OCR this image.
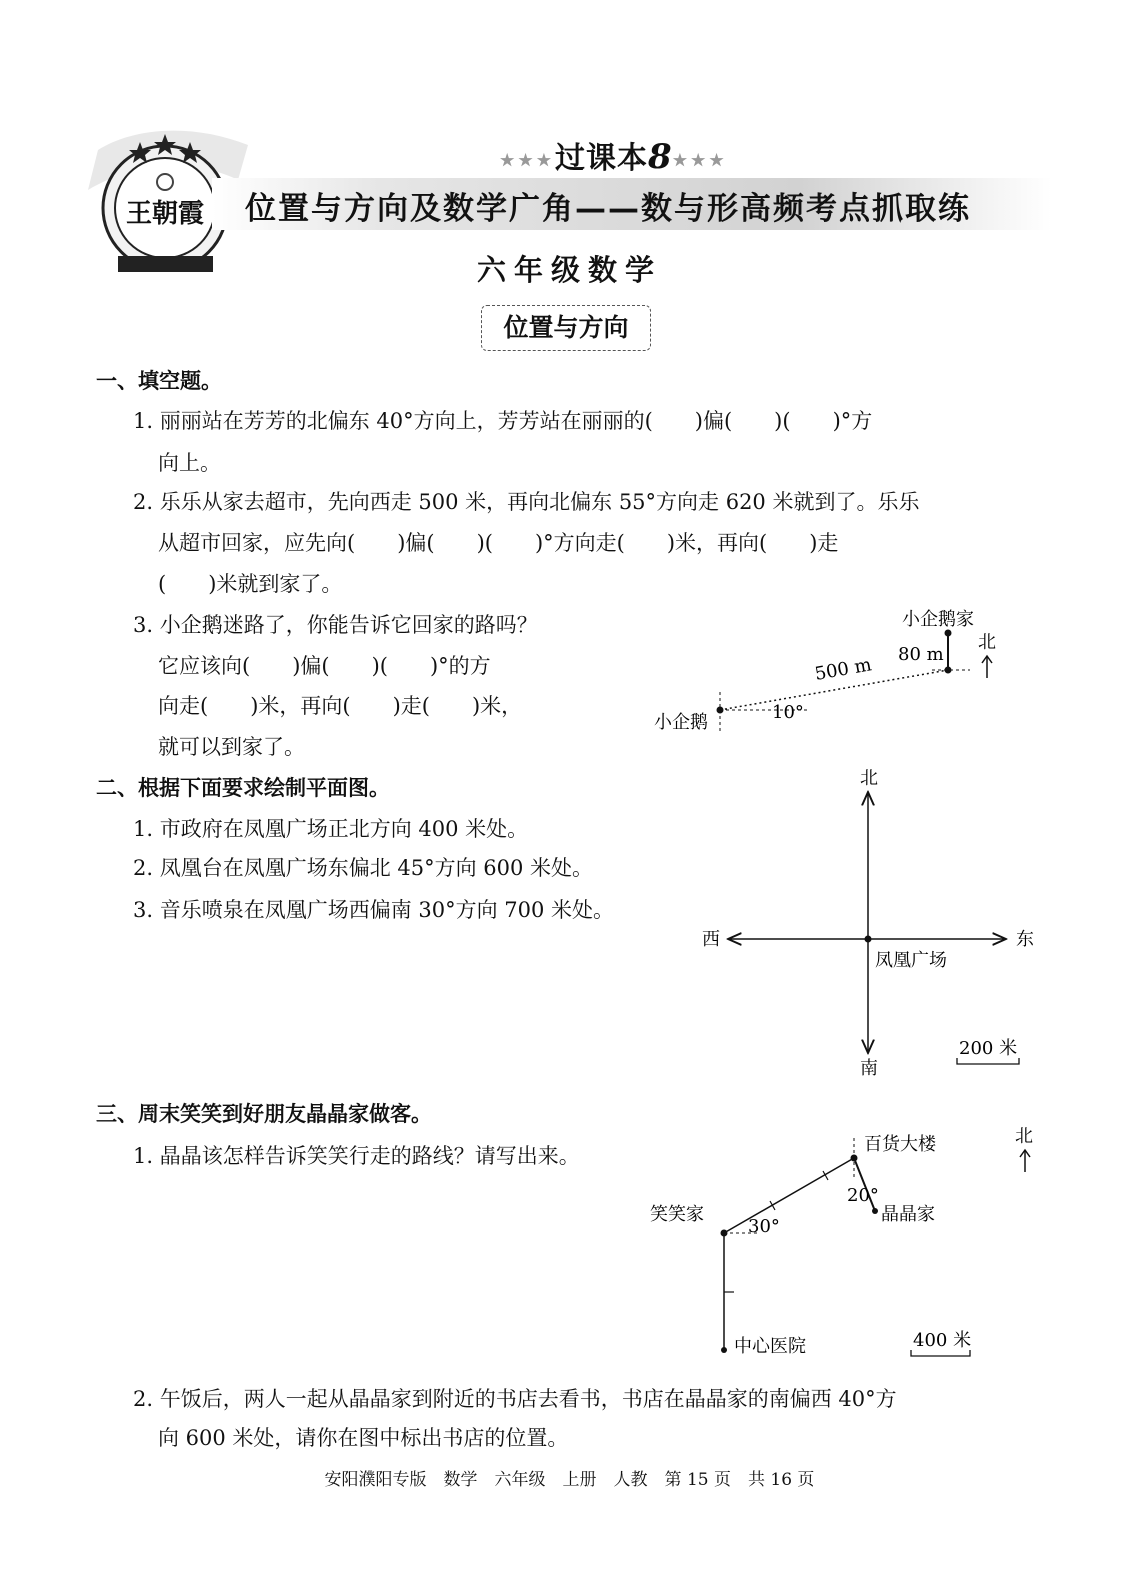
王朝霞
★★★过课本8★★★
位置与方向及数学广角——数与形高频考点抓取练
六年级数学
位置与方向
一、填空题。
1. 丽丽站在芳芳的北偏东 40°方向上，芳芳站在丽丽的(　　)偏(　　)(　　)°方
向上。
2. 乐乐从家去超市，先向西走 500 米，再向北偏东 55°方向走 620 米就到了。乐乐
从超市回家，应先向(　　)偏(　　)(　　)°方向走(　　)米，再向(　　)走
(　　)米就到家了。
3. 小企鹅迷路了，你能告诉它回家的路吗？
它应该向(　　)偏(　　)(　　)°的方
向走(　　)米，再向(　　)走(　　)米，
就可以到家了。
小企鹅家
80 m
500 m
10°
小企鹅
北
二、根据下面要求绘制平面图。
1. 市政府在凤凰广场正北方向 400 米处。
2. 凤凰台在凤凰广场东偏北 45°方向 600 米处。
3. 音乐喷泉在凤凰广场西偏南 30°方向 700 米处。
北
南
东
西
凤凰广场
200 米
三、周末笑笑到好朋友晶晶家做客。
1. 晶晶该怎样告诉笑笑行走的路线？请写出来。	百货大楼
20°
晶晶家
笑笑家
30°
中心医院
北
400 米
2. 午饭后，两人一起从晶晶家到附近的书店去看书，书店在晶晶家的南偏西 40°方
向 600 米处，请你在图中标出书店的位置。
安阳濮阳专版　数学　六年级　上册　人教　第 15 页　共 16 页
